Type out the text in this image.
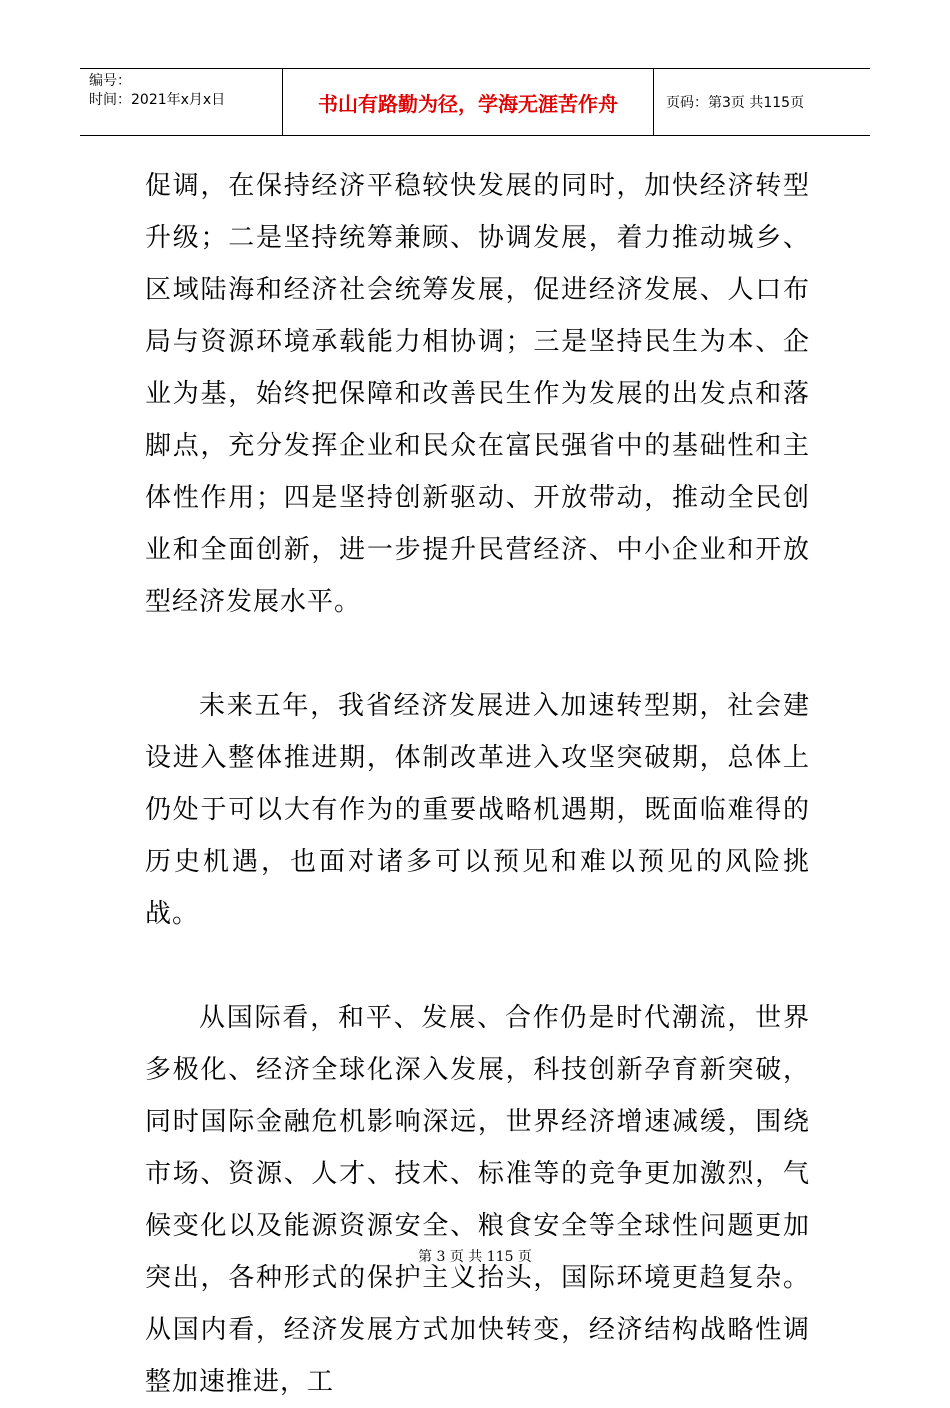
编号：
时间：2021年x月x日	书山有路勤为径，学海无涯苦作舟	页码：第3页 共115页

促调，在保持经济平稳较快发展的同时，加快经济转型升级；二是坚持统筹兼顾、协调发展，着力推动城乡、区域陆海和经济社会统筹发展，促进经济发展、人口布局与资源环境承载能力相协调；三是坚持民生为本、企业为基，始终把保障和改善民生作为发展的出发点和落脚点，充分发挥企业和民众在富民强省中的基础性和主体性作用；四是坚持创新驱动、开放带动，推动全民创业和全面创新，进一步提升民营经济、中小企业和开放型经济发展水平。

未来五年，我省经济发展进入加速转型期，社会建设进入整体推进期，体制改革进入攻坚突破期，总体上仍处于可以大有作为的重要战略机遇期，既面临难得的历史机遇，也面对诸多可以预见和难以预见的风险挑战。

从国际看，和平、发展、合作仍是时代潮流，世界多极化、经济全球化深入发展，科技创新孕育新突破，同时国际金融危机影响深远，世界经济增速减缓，围绕市场、资源、人才、技术、标准等的竞争更加激烈，气候变化以及能源资源安全、粮食安全等全球性问题更加突出，各种形式的保护主义抬头，国际环境更趋复杂。从国内看，经济发展方式加快转变，经济结构战略性调整加速推进，工

第 3 页 共 115 页
